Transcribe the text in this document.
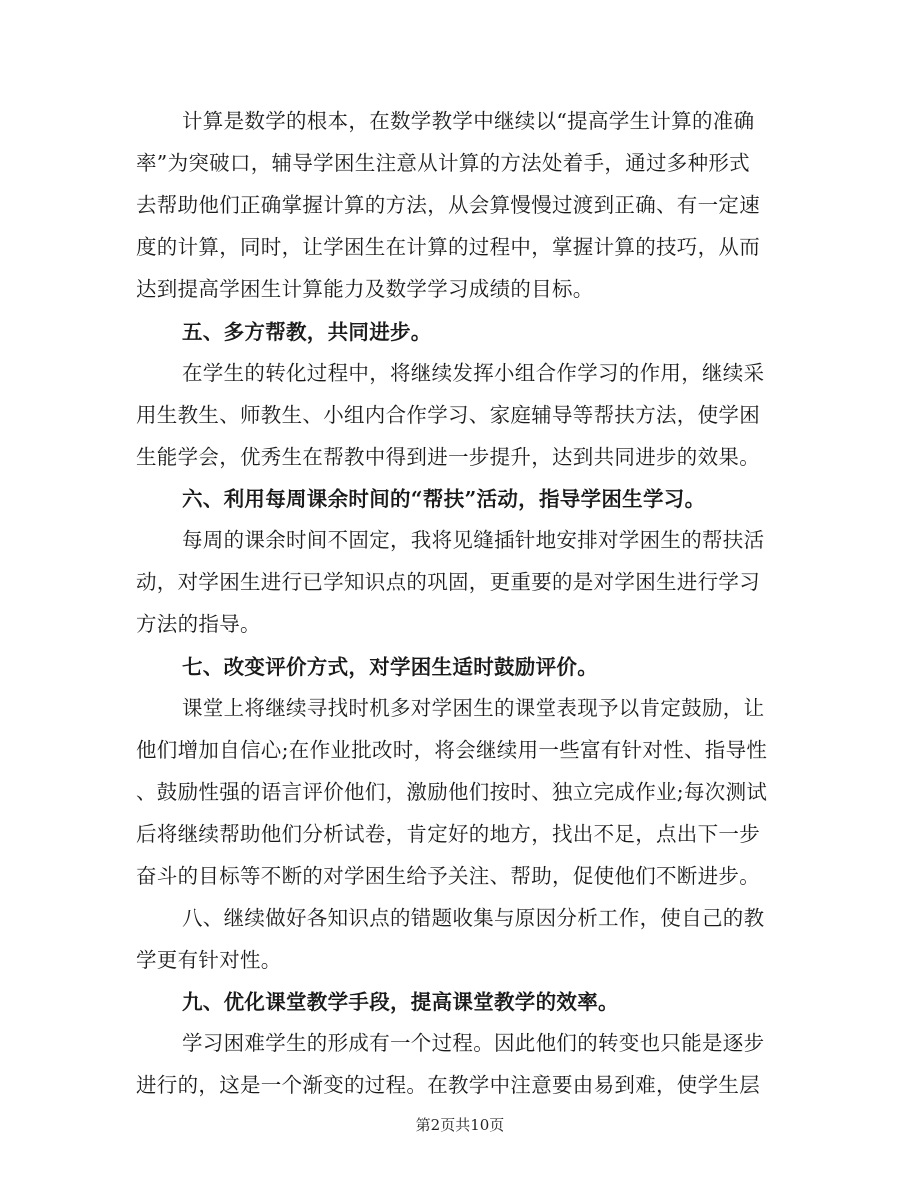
计算是数学的根本，在数学教学中继续以“提高学生计算的准确
率”为突破口，辅导学困生注意从计算的方法处着手，通过多种形式
去帮助他们正确掌握计算的方法，从会算慢慢过渡到正确、有一定速
度的计算，同时，让学困生在计算的过程中，掌握计算的技巧，从而
达到提高学困生计算能力及数学学习成绩的目标。
五、多方帮教，共同进步。
在学生的转化过程中，将继续发挥小组合作学习的作用，继续采
用生教生、师教生、小组内合作学习、家庭辅导等帮扶方法，使学困
生能学会，优秀生在帮教中得到进一步提升，达到共同进步的效果。
六、利用每周课余时间的“帮扶”活动，指导学困生学习。
每周的课余时间不固定，我将见缝插针地安排对学困生的帮扶活
动，对学困生进行已学知识点的巩固，更重要的是对学困生进行学习
方法的指导。
七、改变评价方式，对学困生适时鼓励评价。
课堂上将继续寻找时机多对学困生的课堂表现予以肯定鼓励，让
他们增加自信心;在作业批改时，将会继续用一些富有针对性、指导性
、鼓励性强的语言评价他们，激励他们按时、独立完成作业;每次测试
后将继续帮助他们分析试卷，肯定好的地方，找出不足，点出下一步
奋斗的目标等不断的对学困生给予关注、帮助，促使他们不断进步。
八、继续做好各知识点的错题收集与原因分析工作，使自己的教
学更有针对性。
九、优化课堂教学手段，提高课堂教学的效率。
学习困难学生的形成有一个过程。因此他们的转变也只能是逐步
进行的，这是一个渐变的过程。在教学中注意要由易到难，使学生层
第2页共10页
